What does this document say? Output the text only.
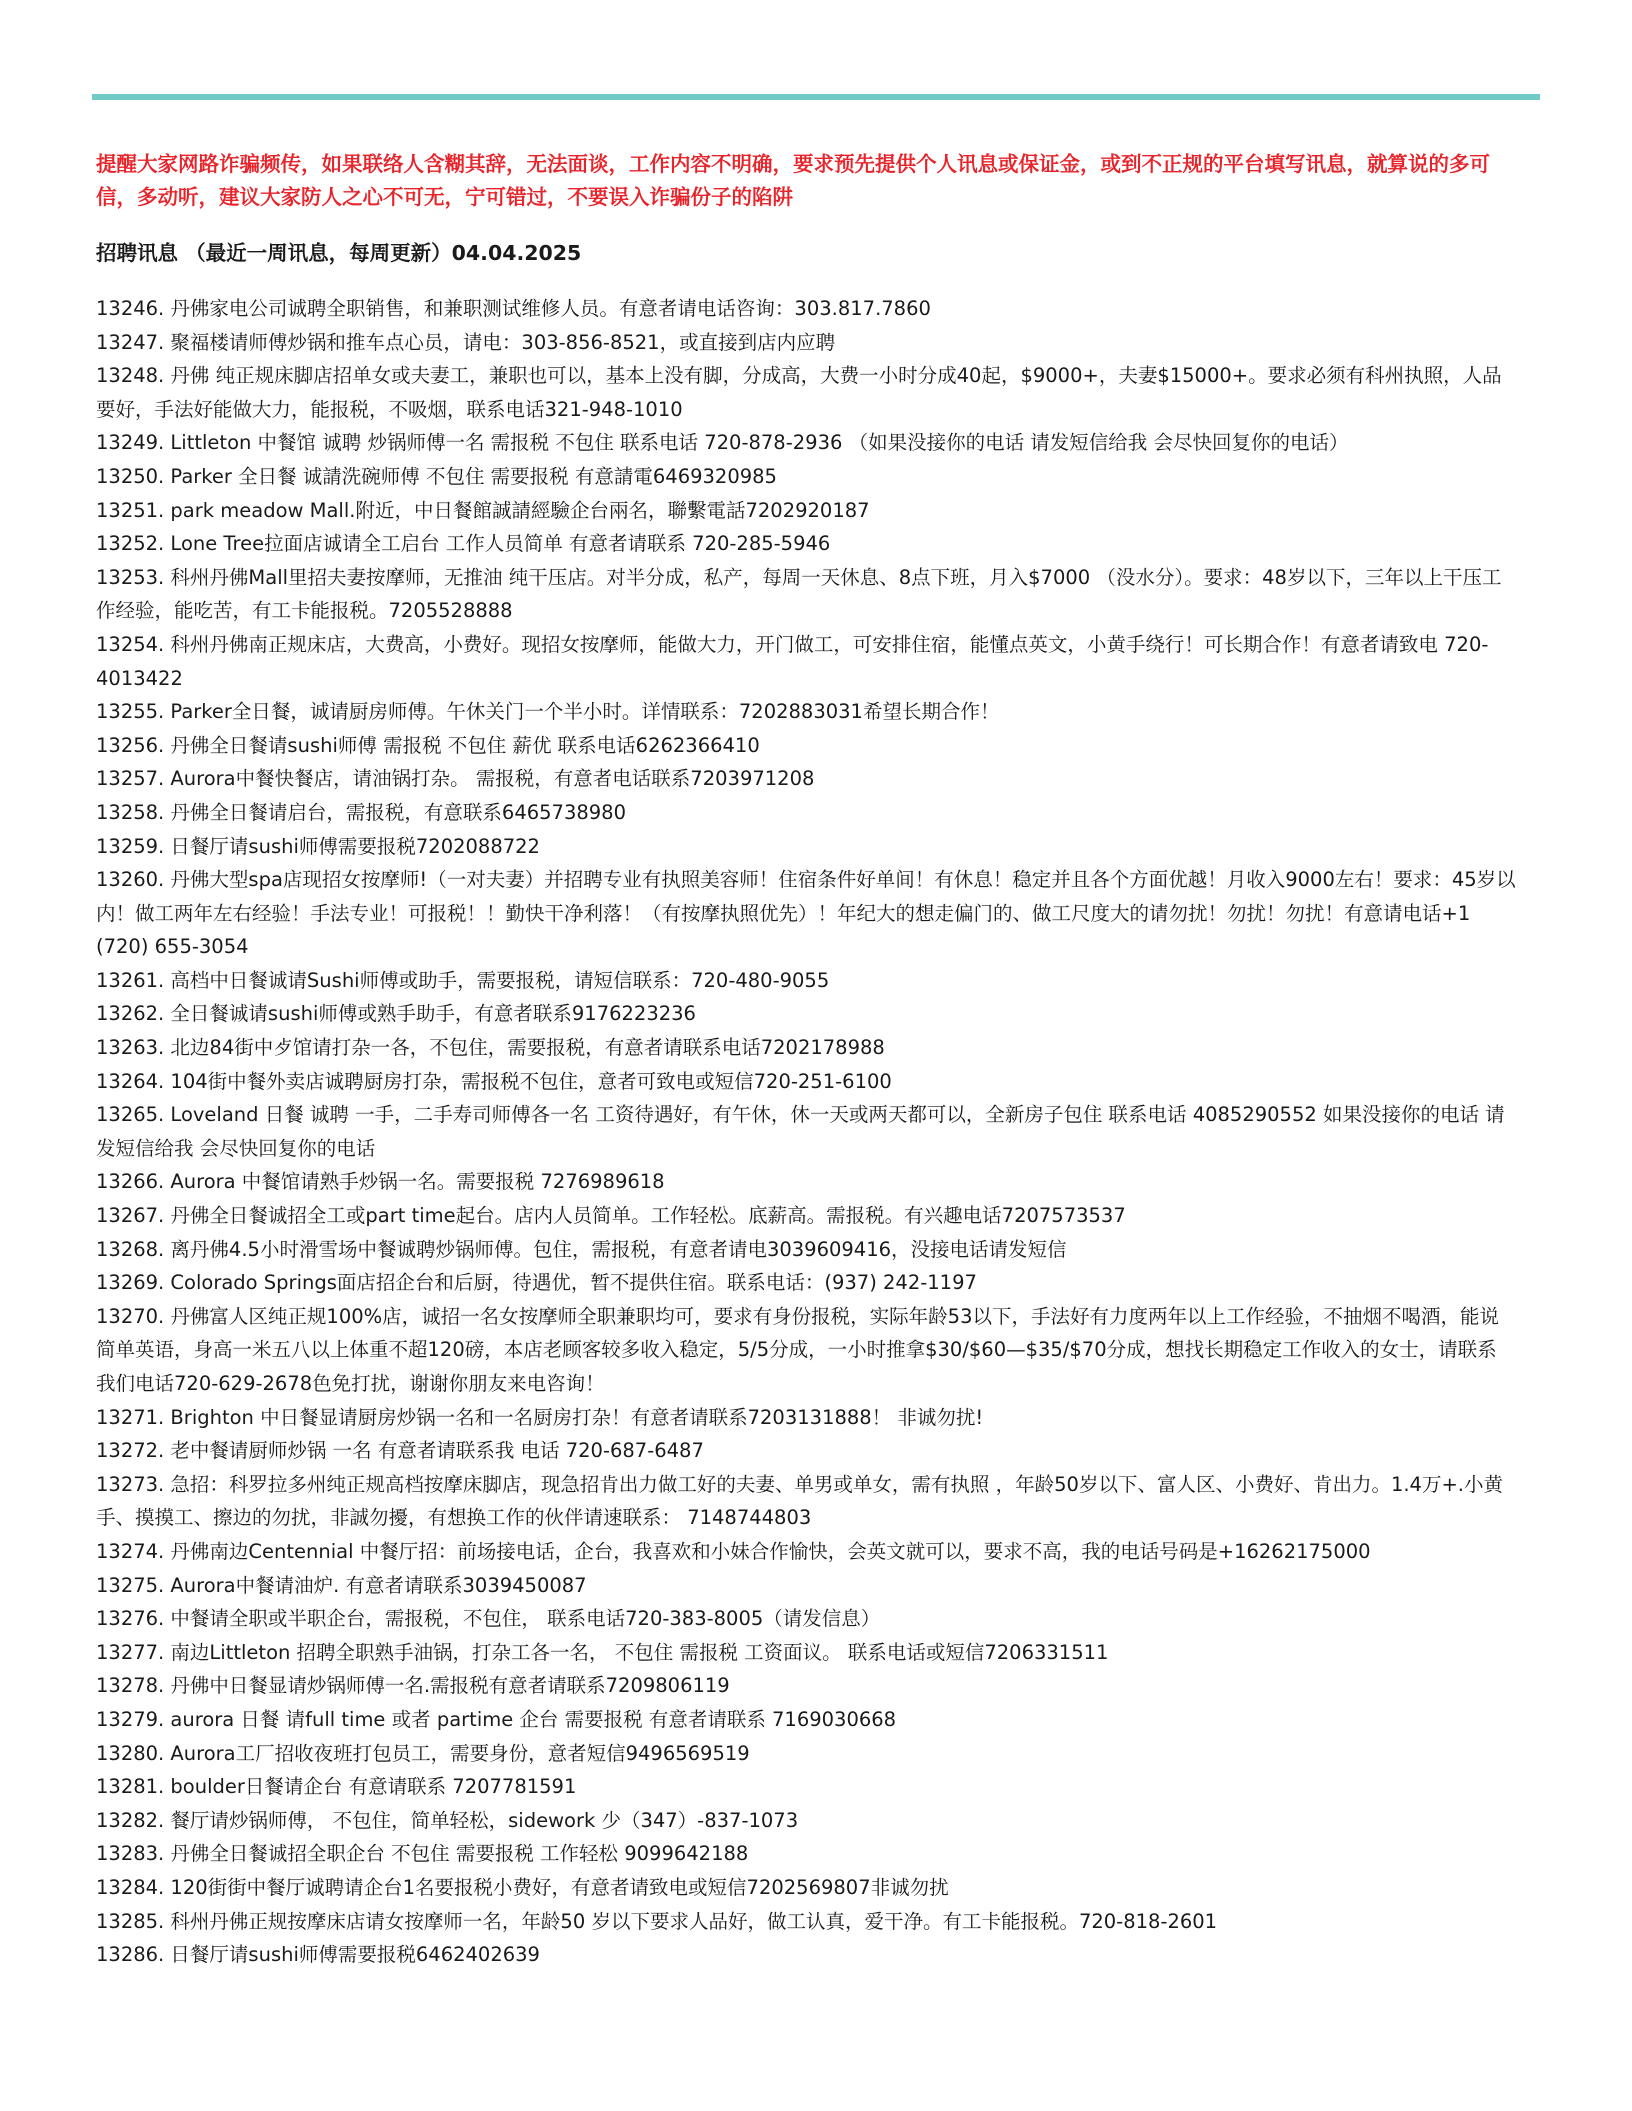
提醒大家网路诈骗频传，如果联络人含糊其辞，无法面谈，工作内容不明确，要求预先提供个人讯息或保证金，或到不正规的平台填写讯息，就算说的多可信，多动听，建议大家防人之心不可无，宁可错过，不要误入诈骗份子的陷阱

招聘讯息 （最近一周讯息，每周更新）04.04.2025

13246. 丹佛家电公司诚聘全职销售，和兼职测试维修人员。有意者请电话咨询：303.817.7860
13247. 聚福楼请师傅炒锅和推车点心员，请电：303-856-8521，或直接到店内应聘
13248. 丹佛 纯正规床脚店招单女或夫妻工，兼职也可以，基本上没有脚，分成高，大费一小时分成40起，$9000+，夫妻$15000+。要求必须有科州执照，人品要好，手法好能做大力，能报税，不吸烟，联系电话321-948-1010
13249. Littleton 中餐馆 诚聘 炒锅师傅一名 需报税 不包住 联系电话 720-878-2936 （如果没接你的电话 请发短信给我 会尽快回复你的电话）
13250. Parker 全日餐 诚請洗碗师傅 不包住 需要报税 有意請電6469320985
13251. park meadow Mall.附近，中日餐館誠請經驗企台兩名，聯繫電話7202920187
13252. Lone Tree拉面店诚请全工启台 工作人员简单 有意者请联系 720-285-5946
13253. 科州丹佛Mall里招夫妻按摩师，无推油 纯干压店。对半分成，私产，每周一天休息、8点下班，月入$7000 （没水分）。要求：48岁以下，三年以上干压工作经验，能吃苦，有工卡能报税。7205528888
13254. 科州丹佛南正规床店，大费高，小费好。现招女按摩师，能做大力，开门做工，可安排住宿，能懂点英文，小黄手绕行！可长期合作！有意者请致电 720-4013422
13255. Parker全日餐，诚请厨房师傅。午休关门一个半小时。详情联系：7202883031希望长期合作！
13256. 丹佛全日餐请sushi师傅 需报税 不包住 薪优 联系电话6262366410
13257. Aurora中餐快餐店，请油锅打杂。 需报税，有意者电话联系7203971208
13258. 丹佛全日餐请启台，需报税，有意联系6465738980
13259. 日餐厅请sushi师傅需要报税7202088722
13260. 丹佛大型spa店现招女按摩师!（一对夫妻）并招聘专业有执照美容师！住宿条件好单间！有休息！稳定并且各个方面优越！月收入9000左右！要求：45岁以内！做工两年左右经验！手法专业！可报税！！勤快干净利落！（有按摩执照优先）！年纪大的想走偏门的、做工尺度大的请勿扰！勿扰！勿扰！有意请电话+1 (720) 655-3054
13261. 高档中日餐诚请Sushi师傅或助手，需要报税，请短信联系：720-480-9055
13262. 全日餐诚请sushi师傅或熟手助手，有意者联系9176223236
13263. 北边84街中歺馆请打杂一各，不包住，需要报税，有意者请联系电话7202178988
13264. 104街中餐外卖店诚聘厨房打杂，需报税不包住，意者可致电或短信720-251-6100
13265. Loveland 日餐 诚聘 一手，二手寿司师傅各一名 工资待遇好，有午休，休一天或两天都可以，全新房子包住 联系电话 4085290552 如果没接你的电话 请发短信给我 会尽快回复你的电话
13266. Aurora 中餐馆请熟手炒锅一名。需要报税 7276989618
13267. 丹佛全日餐诚招全工或part time起台。店内人员简单。工作轻松。底薪高。需报税。有兴趣电话7207573537
13268. 离丹佛4.5小时滑雪场中餐诚聘炒锅师傅。包住，需报税，有意者请电3039609416，没接电话请发短信
13269. Colorado Springs面店招企台和后厨，待遇优，暂不提供住宿。联系电话：(937) 242-1197
13270. 丹佛富人区纯正规100%店，诚招一名女按摩师全职兼职均可，要求有身份报税，实际年龄53以下，手法好有力度两年以上工作经验，不抽烟不喝酒，能说简单英语，身高一米五八以上体重不超120磅，本店老顾客较多收入稳定，5/5分成，一小时推拿$30/$60—$35/$70分成，想找长期稳定工作收入的女士，请联系我们电话720-629-2678色免打扰，谢谢你朋友来电咨询！
13271. Brighton 中日餐显请厨房炒锅一名和一名厨房打杂！有意者请联系7203131888！ 非诚勿扰!
13272. 老中餐请厨师炒锅 一名 有意者请联系我 电话 720-687-6487
13273. 急招：科罗拉多州纯正规高档按摩床脚店，现急招肯出力做工好的夫妻、单男或单女，需有执照 ，年龄50岁以下、富人区、小费好、肯出力。1.4万+.小黄手、摸摸工、擦边的勿扰，非誠勿擾，有想换工作的伙伴请速联系： 7148744803
13274. 丹佛南边Centennial 中餐厅招：前场接电话，企台，我喜欢和小妹合作愉快，会英文就可以，要求不高，我的电话号码是+16262175000
13275. Aurora中餐请油炉. 有意者请联系3039450087
13276. 中餐请全职或半职企台，需报税，不包住， 联系电话720-383-8005（请发信息）
13277. 南边Littleton 招聘全职熟手油锅，打杂工各一名， 不包住 需报税 工资面议。 联系电话或短信7206331511
13278. 丹佛中日餐显请炒锅师傅一名.需报税有意者请联系7209806119
13279. aurora 日餐 请full time 或者 partime 企台 需要报税 有意者请联系 7169030668
13280. Aurora工厂招收夜班打包员工，需要身份，意者短信9496569519
13281. boulder日餐请企台 有意请联系 7207781591
13282. 餐厅请炒锅师傅， 不包住，简单轻松，sidework 少（347）-837-1073
13283. 丹佛全日餐诚招全职企台 不包住 需要报税 工作轻松 9099642188
13284. 120街街中餐厅诚聘请企台1名要报税小费好，有意者请致电或短信7202569807非诚勿扰
13285. 科州丹佛正规按摩床店请女按摩师一名，年龄50 岁以下要求人品好，做工认真，爱干净。有工卡能报税。720-818-2601
13286. 日餐厅请sushi师傅需要报税6462402639
